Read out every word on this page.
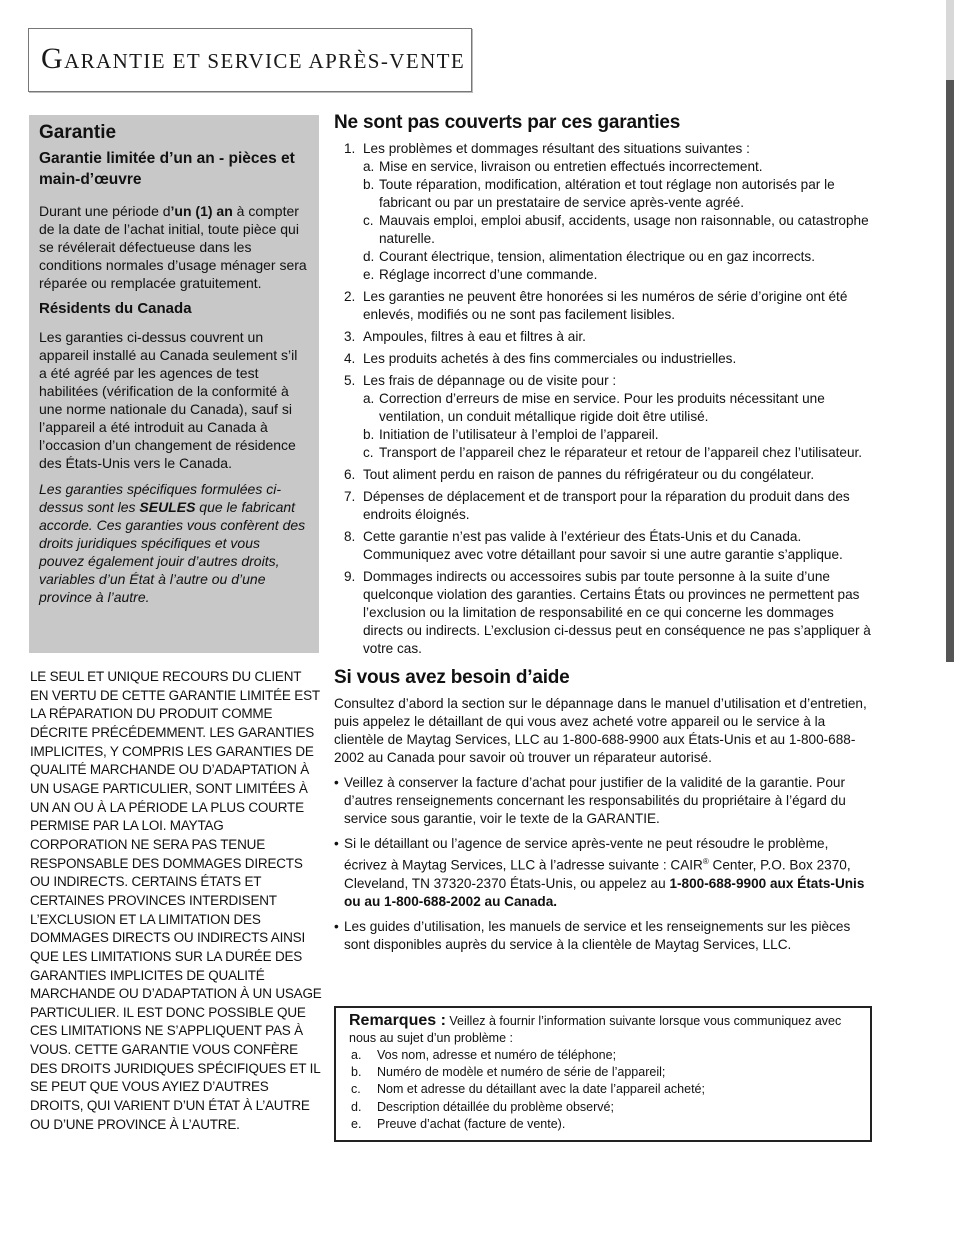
GARANTIE ET SERVICE APRÈS-VENTE
Garantie
Garantie limitée d’un an - pièces et main-d’œuvre

Durant une période d’un (1) an à compter de la date de l’achat initial, toute pièce qui se révélerait défectueuse dans les conditions normales d’usage ménager sera réparée ou remplacée gratuitement.

Résidents du Canada

Les garanties ci-dessus couvrent un appareil installé au Canada seulement s’il a été agréé par les agences de test habilitées (vérification de la conformité à une norme nationale du Canada), sauf si l’appareil a été introduit au Canada à l’occasion d’un changement de résidence des États-Unis vers le Canada.

Les garanties spécifiques formulées ci-dessus sont les SEULES que le fabricant accorde. Ces garanties vous confèrent des droits juridiques spécifiques et vous pouvez également jouir d’autres droits, variables d’un État à l’autre ou d’une province à l’autre.

LE SEUL ET UNIQUE RECOURS DU CLIENT EN VERTU DE CETTE GARANTIE LIMITÉE EST LA RÉPARATION DU PRODUIT COMME DÉCRITE PRÉCÉDEMMENT. LES GARANTIES IMPLICITES, Y COMPRIS LES GARANTIES DE QUALITÉ MARCHANDE OU D’ADAPTATION À UN USAGE PARTICULIER, SONT LIMITÉES À UN AN OU À LA PÉRIODE LA PLUS COURTE PERMISE PAR LA LOI. MAYTAG CORPORATION NE SERA PAS TENUE RESPONSABLE DES DOMMAGES DIRECTS OU INDIRECTS. CERTAINS ÉTATS ET CERTAINES PROVINCES INTERDISENT L’EXCLUSION ET LA LIMITATION DES DOMMAGES DIRECTS OU INDIRECTS AINSI QUE LES LIMITATIONS SUR LA DURÉE DES GARANTIES IMPLICITES DE QUALITÉ MARCHANDE OU D’ADAPTATION À UN USAGE PARTICULIER. IL EST DONC POSSIBLE QUE CES LIMITATIONS NE S’APPLIQUENT PAS À VOUS. CETTE GARANTIE VOUS CONFÈRE DES DROITS JURIDIQUES SPÉCIFIQUES ET IL SE PEUT QUE VOUS AYIEZ D’AUTRES DROITS, QUI VARIENT D’UN ÉTAT À L’AUTRE OU D’UNE PROVINCE À L’AUTRE.
Ne sont pas couverts par ces garanties
1. Les problèmes et dommages résultant des situations suivantes :
a. Mise en service, livraison ou entretien effectués incorrectement.
b. Toute réparation, modification, altération et tout réglage non autorisés par le fabricant ou par un prestataire de service après-vente agréé.
c. Mauvais emploi, emploi abusif, accidents, usage non raisonnable, ou catastrophe naturelle.
d. Courant électrique, tension, alimentation électrique ou en gaz incorrects.
e. Réglage incorrect d’une commande.
2. Les garanties ne peuvent être honorées si les numéros de série d’origine ont été enlevés, modifiés ou ne sont pas facilement lisibles.
3. Ampoules, filtres à eau et filtres à air.
4. Les produits achetés à des fins commerciales ou industrielles.
5. Les frais de dépannage ou de visite pour :
a. Correction d’erreurs de mise en service. Pour les produits nécessitant une ventilation, un conduit métallique rigide doit être utilisé.
b. Initiation de l’utilisateur à l’emploi de l’appareil.
c. Transport de l’appareil chez le réparateur et retour de l’appareil chez l’utilisateur.
6. Tout aliment perdu en raison de pannes du réfrigérateur ou du congélateur.
7. Dépenses de déplacement et de transport pour la réparation du produit dans des endroits éloignés.
8. Cette garantie n’est pas valide à l’extérieur des États-Unis et du Canada. Communiquez avec votre détaillant pour savoir si une autre garantie s’applique.
9. Dommages indirects ou accessoires subis par toute personne à la suite d’une quelconque violation des garanties. Certains États ou provinces ne permettent pas l’exclusion ou la limitation de responsabilité en ce qui concerne les dommages directs ou indirects. L’exclusion ci-dessus peut en conséquence ne pas s’appliquer à votre cas.
Si vous avez besoin d’aide

Consultez d’abord la section sur le dépannage dans le manuel d’utilisation et d’entretien, puis appelez le détaillant de qui vous avez acheté votre appareil ou le service à la clientèle de Maytag Services, LLC au 1-800-688-9900 aux États-Unis et au 1-800-688-2002 au Canada pour savoir où trouver un réparateur autorisé.

• Veillez à conserver la facture d’achat pour justifier de la validité de la garantie. Pour d’autres renseignements concernant les responsabilités du propriétaire à l’égard du service sous garantie, voir le texte de la GARANTIE.
• Si le détaillant ou l’agence de service après-vente ne peut résoudre le problème, écrivez à Maytag Services, LLC à l’adresse suivante : CAIR® Center, P.O. Box 2370, Cleveland, TN 37320-2370 États-Unis, ou appelez au 1-800-688-9900 aux États-Unis ou au 1-800-688-2002 au Canada.
• Les guides d’utilisation, les manuels de service et les renseignements sur les pièces sont disponibles auprès du service à la clientèle de Maytag Services, LLC.
Remarques : Veillez à fournir l’information suivante lorsque vous communiquez avec nous au sujet d’un problème :
a. Vos nom, adresse et numéro de téléphone;
b. Numéro de modèle et numéro de série de l’appareil;
c. Nom et adresse du détaillant avec la date l’appareil acheté;
d. Description détaillée du problème observé;
e. Preuve d’achat (facture de vente).
